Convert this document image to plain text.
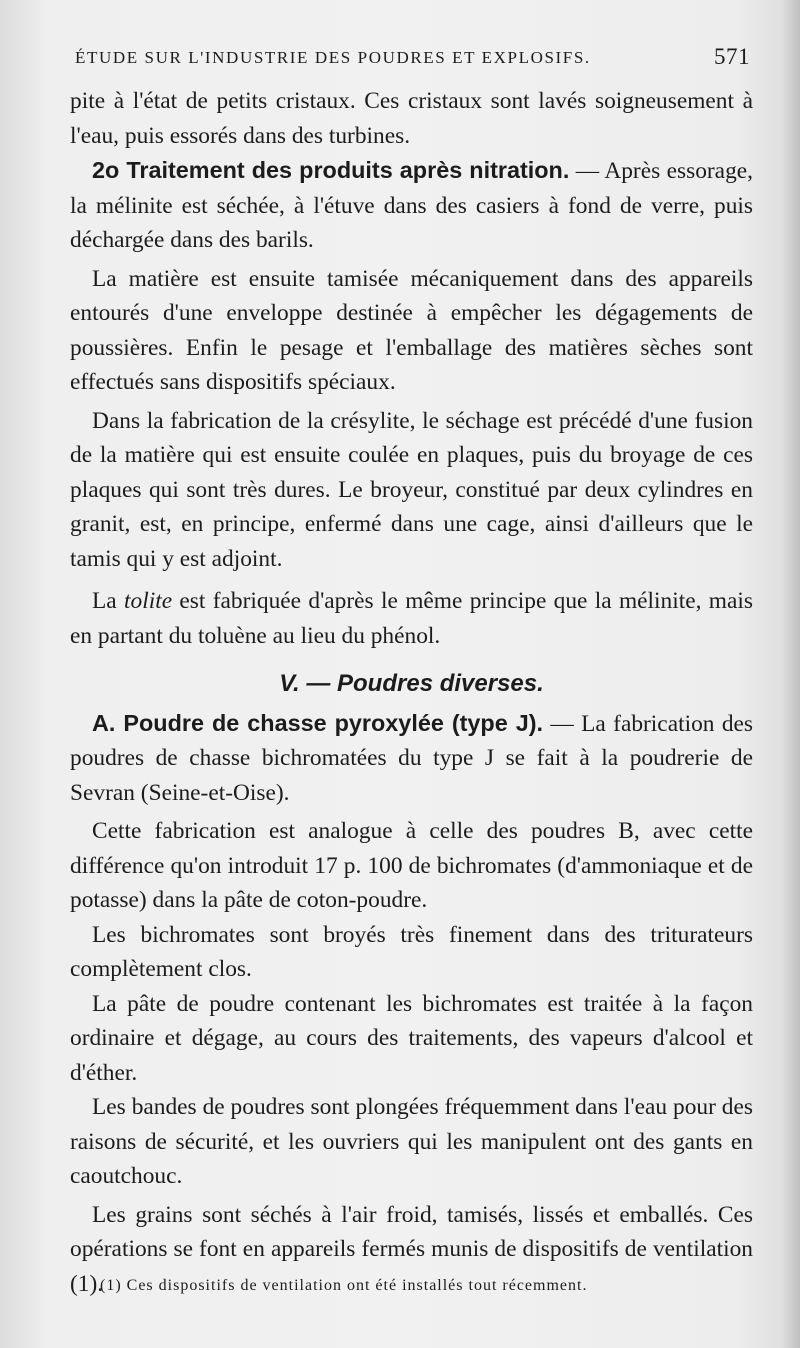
ÉTUDE SUR L'INDUSTRIE DES POUDRES ET EXPLOSIFS.	571

pite à l'état de petits cristaux. Ces cristaux sont lavés soigneusement à l'eau, puis essorés dans des turbines.

2o Traitement des produits après nitration. — Après essorage, la mélinite est séchée, à l'étuve dans des casiers à fond de verre, puis déchargée dans des barils.

La matière est ensuite tamisée mécaniquement dans des appareils entourés d'une enveloppe destinée à empêcher les dégagements de poussières. Enfin le pesage et l'emballage des matières sèches sont effectués sans dispositifs spéciaux.

Dans la fabrication de la crésylite, le séchage est précédé d'une fusion de la matière qui est ensuite coulée en plaques, puis du broyage de ces plaques qui sont très dures. Le broyeur, constitué par deux cylindres en granit, est, en principe, enfermé dans une cage, ainsi d'ailleurs que le tamis qui y est adjoint.

La tolite est fabriquée d'après le même principe que la mélinite, mais en partant du toluène au lieu du phénol.

V. — Poudres diverses.

A. Poudre de chasse pyroxylée (type J). — La fabrication des poudres de chasse bichromatées du type J se fait à la poudrerie de Sevran (Seine-et-Oise).

Cette fabrication est analogue à celle des poudres B, avec cette différence qu'on introduit 17 p. 100 de bichromates (d'ammoniaque et de potasse) dans la pâte de coton-poudre.

Les bichromates sont broyés très finement dans des triturateurs complètement clos.

La pâte de poudre contenant les bichromates est traitée à la façon ordinaire et dégage, au cours des traitements, des vapeurs d'alcool et d'éther.

Les bandes de poudres sont plongées fréquemment dans l'eau pour des raisons de sécurité, et les ouvriers qui les manipulent ont des gants en caoutchouc.

Les grains sont séchés à l'air froid, tamisés, lissés et emballés. Ces opérations se font en appareils fermés munis de dispositifs de ventilation (1).

(1) Ces dispositifs de ventilation ont été installés tout récemment.
